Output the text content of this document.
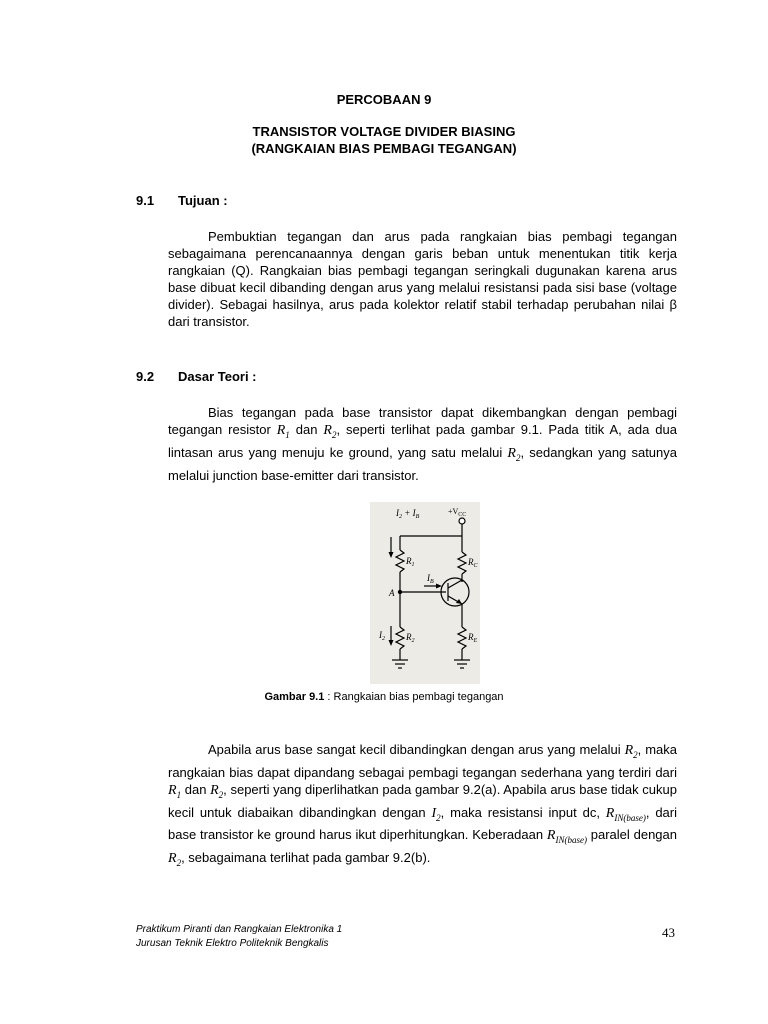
PERCOBAAN 9
TRANSISTOR VOLTAGE DIVIDER BIASING
(RANGKAIAN BIAS PEMBAGI TEGANGAN)
9.1 Tujuan :

Pembuktian tegangan dan arus pada rangkaian bias pembagi tegangan sebagaimana perencanaannya dengan garis beban untuk menentukan titik kerja rangkaian (Q). Rangkaian bias pembagi tegangan seringkali dugunakan karena arus base dibuat kecil dibanding dengan arus yang melalui resistansi pada sisi base (voltage divider). Sebagai hasilnya, arus pada kolektor relatif stabil terhadap perubahan nilai β dari transistor.

9.2 Dasar Teori :

Bias tegangan pada base transistor dapat dikembangkan dengan pembagi tegangan resistor $R_1$ dan $R_2$, seperti terlihat pada gambar 9.1. Pada titik A, ada dua lintasan arus yang menuju ke ground, yang satu melalui $R_2$, sedangkan yang satunya melalui junction base-emitter dari transistor.

$I_2 + I_B$
$+V_{CC}$
$R_1$	$R_C$
$I_B$
A
$I_2$ $R_2$	$R_E$
Gambar 9.1 : Rangkaian bias pembagi tegangan

Apabila arus base sangat kecil dibandingkan dengan arus yang melalui $R_2$, maka rangkaian bias dapat dipandang sebagai pembagi tegangan sederhana yang terdiri dari $R_1$ dan $R_2$, seperti yang diperlihatkan pada gambar 9.2(a). Apabila arus base tidak cukup kecil untuk diabaikan dibandingkan dengan $I_2$, maka resistansi input dc, $R_{IN(base)}$, dari base transistor ke ground harus ikut diperhitungkan. Keberadaan $R_{IN(base)}$ paralel dengan $R_2$, sebagaimana terlihat pada gambar 9.2(b).

Praktikum Piranti dan Rangkaian Elektronika 1
Jurusan Teknik Elektro Politeknik Bengkalis
43
